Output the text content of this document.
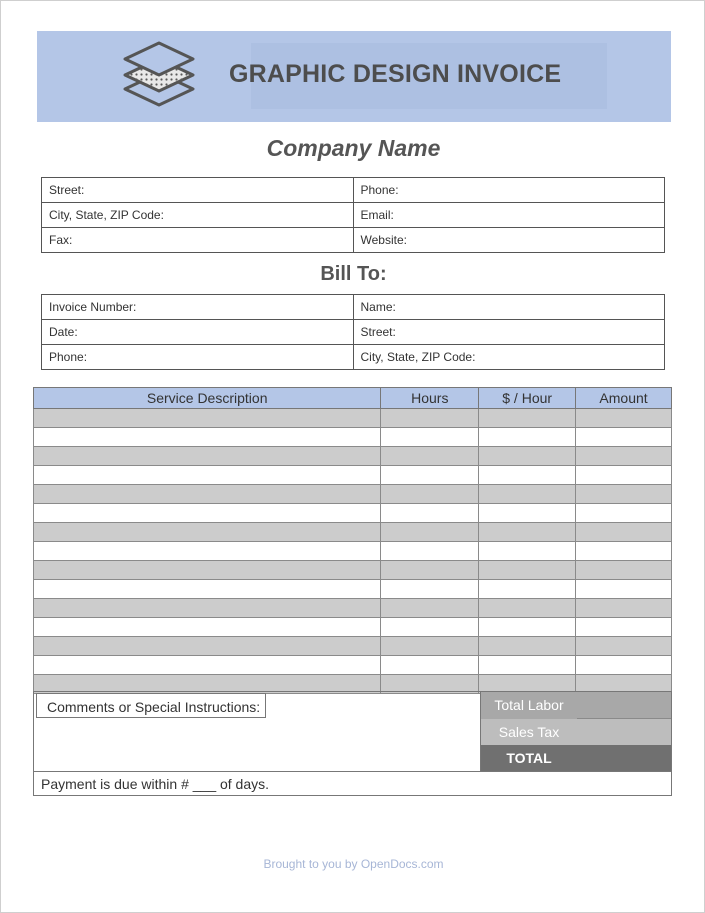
GRAPHIC DESIGN INVOICE
Company Name
Street:	Phone:
City, State, ZIP Code:	Email:
Fax:	Website:
Bill To:
Invoice Number:	Name:
Date:	Street:
Phone:	City, State, ZIP Code:
Service Description	Hours	$ / Hour	Amount

Comments or Special Instructions:	Total Labor
Sales Tax
TOTAL
Payment is due within # ___ of days.
Brought to you by OpenDocs.com
